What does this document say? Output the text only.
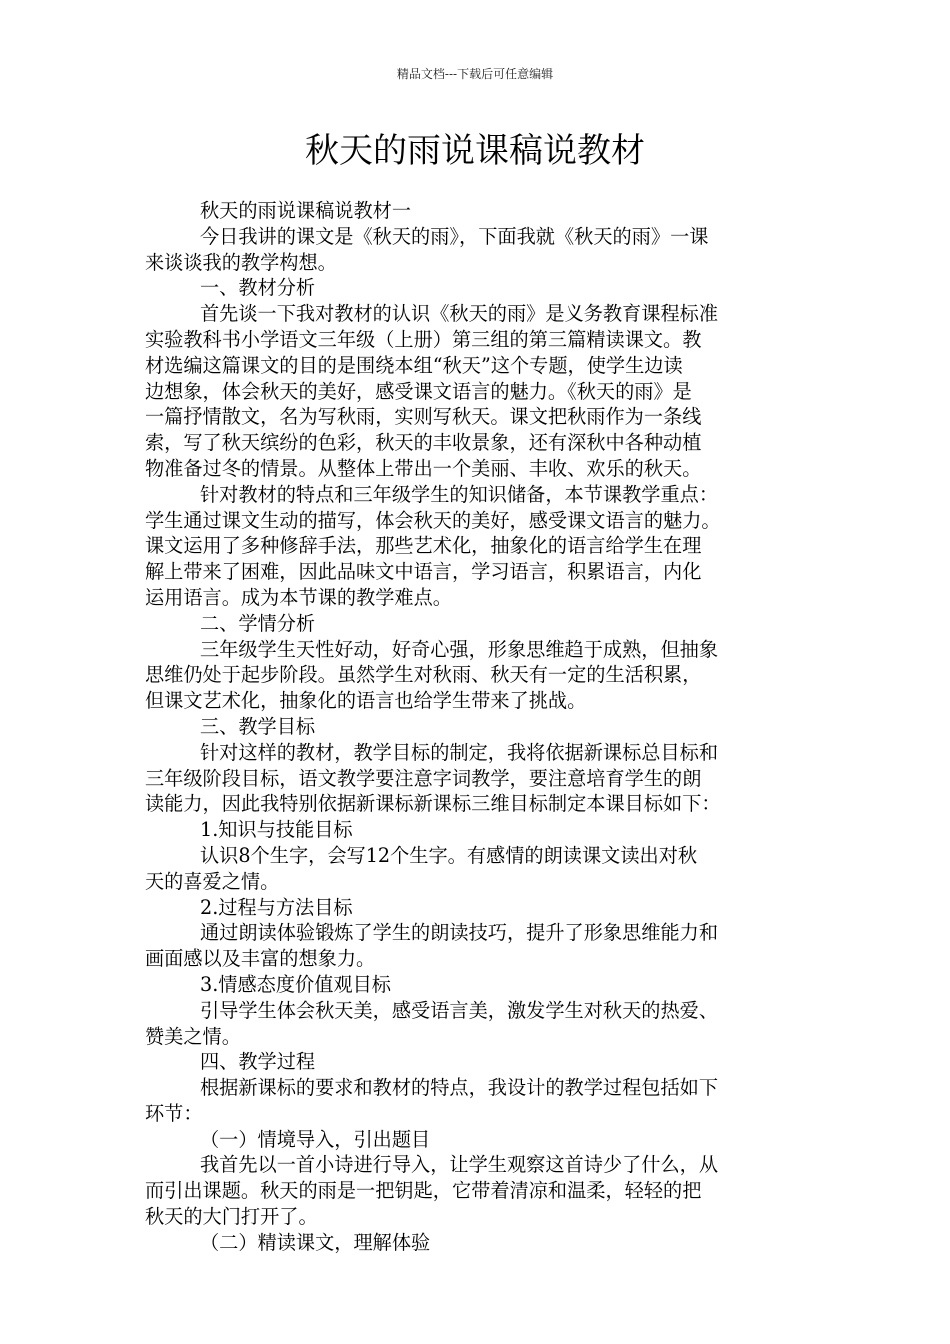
精品文档---下载后可任意编辑
秋天的雨说课稿说教材
秋天的雨说课稿说教材一
今日我讲的课文是《秋天的雨》，下面我就《秋天的雨》一课
来谈谈我的教学构想。
一、教材分析
首先谈一下我对教材的认识《秋天的雨》是义务教育课程标准
实验教科书小学语文三年级（上册）第三组的第三篇精读课文。教
材选编这篇课文的目的是围绕本组“秋天”这个专题，使学生边读
边想象，体会秋天的美好，感受课文语言的魅力。《秋天的雨》是
一篇抒情散文，名为写秋雨，实则写秋天。课文把秋雨作为一条线
索，写了秋天缤纷的色彩，秋天的丰收景象，还有深秋中各种动植
物准备过冬的情景。从整体上带出一个美丽、丰收、欢乐的秋天。
针对教材的特点和三年级学生的知识储备，本节课教学重点：
学生通过课文生动的描写，体会秋天的美好，感受课文语言的魅力。
课文运用了多种修辞手法，那些艺术化，抽象化的语言给学生在理
解上带来了困难，因此品味文中语言，学习语言，积累语言，内化
运用语言。成为本节课的教学难点。
二、学情分析
三年级学生天性好动，好奇心强，形象思维趋于成熟，但抽象
思维仍处于起步阶段。虽然学生对秋雨、秋天有一定的生活积累，
但课文艺术化，抽象化的语言也给学生带来了挑战。
三、教学目标
针对这样的教材，教学目标的制定，我将依据新课标总目标和
三年级阶段目标，语文教学要注意字词教学，要注意培育学生的朗
读能力，因此我特别依据新课标新课标三维目标制定本课目标如下：
1.知识与技能目标
认识8个生字，会写12个生字。有感情的朗读课文读出对秋
天的喜爱之情。
2.过程与方法目标
通过朗读体验锻炼了学生的朗读技巧，提升了形象思维能力和
画面感以及丰富的想象力。
3.情感态度价值观目标
引导学生体会秋天美，感受语言美，激发学生对秋天的热爱、
赞美之情。
四、教学过程
根据新课标的要求和教材的特点，我设计的教学过程包括如下
环节：
（一）情境导入，引出题目
我首先以一首小诗进行导入，让学生观察这首诗少了什么，从
而引出课题。秋天的雨是一把钥匙，它带着清凉和温柔，轻轻的把
秋天的大门打开了。
（二）精读课文，理解体验
